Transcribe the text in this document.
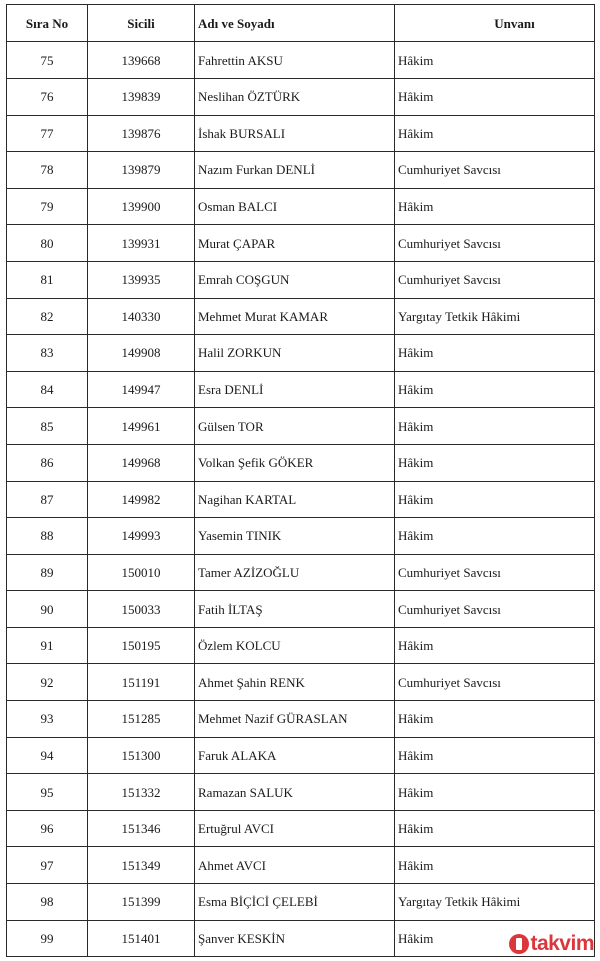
Sıra No	Sicili	Adı ve Soyadı	Unvanı
75	139668	Fahrettin AKSU	Hâkim
76	139839	Neslihan ÖZTÜRK	Hâkim
77	139876	İshak BURSALI	Hâkim
78	139879	Nazım Furkan DENLİ	Cumhuriyet Savcısı
79	139900	Osman BALCI	Hâkim
80	139931	Murat ÇAPAR	Cumhuriyet Savcısı
81	139935	Emrah COŞGUN	Cumhuriyet Savcısı
82	140330	Mehmet Murat KAMAR	Yargıtay Tetkik Hâkimi
83	149908	Halil ZORKUN	Hâkim
84	149947	Esra DENLİ	Hâkim
85	149961	Gülsen TOR	Hâkim
86	149968	Volkan Şefik GÖKER	Hâkim
87	149982	Nagihan KARTAL	Hâkim
88	149993	Yasemin TINIK	Hâkim
89	150010	Tamer AZİZOĞLU	Cumhuriyet Savcısı
90	150033	Fatih İLTAŞ	Cumhuriyet Savcısı
91	150195	Özlem KOLCU	Hâkim
92	151191	Ahmet Şahin RENK	Cumhuriyet Savcısı
93	151285	Mehmet Nazif GÜRASLAN	Hâkim
94	151300	Faruk ALAKA	Hâkim
95	151332	Ramazan SALUK	Hâkim
96	151346	Ertuğrul AVCI	Hâkim
97	151349	Ahmet AVCI	Hâkim
98	151399	Esma BİÇİCİ ÇELEBİ	Yargıtay Tetkik Hâkimi
99	151401	Şanver KESKİN	Hâkim	takvim
